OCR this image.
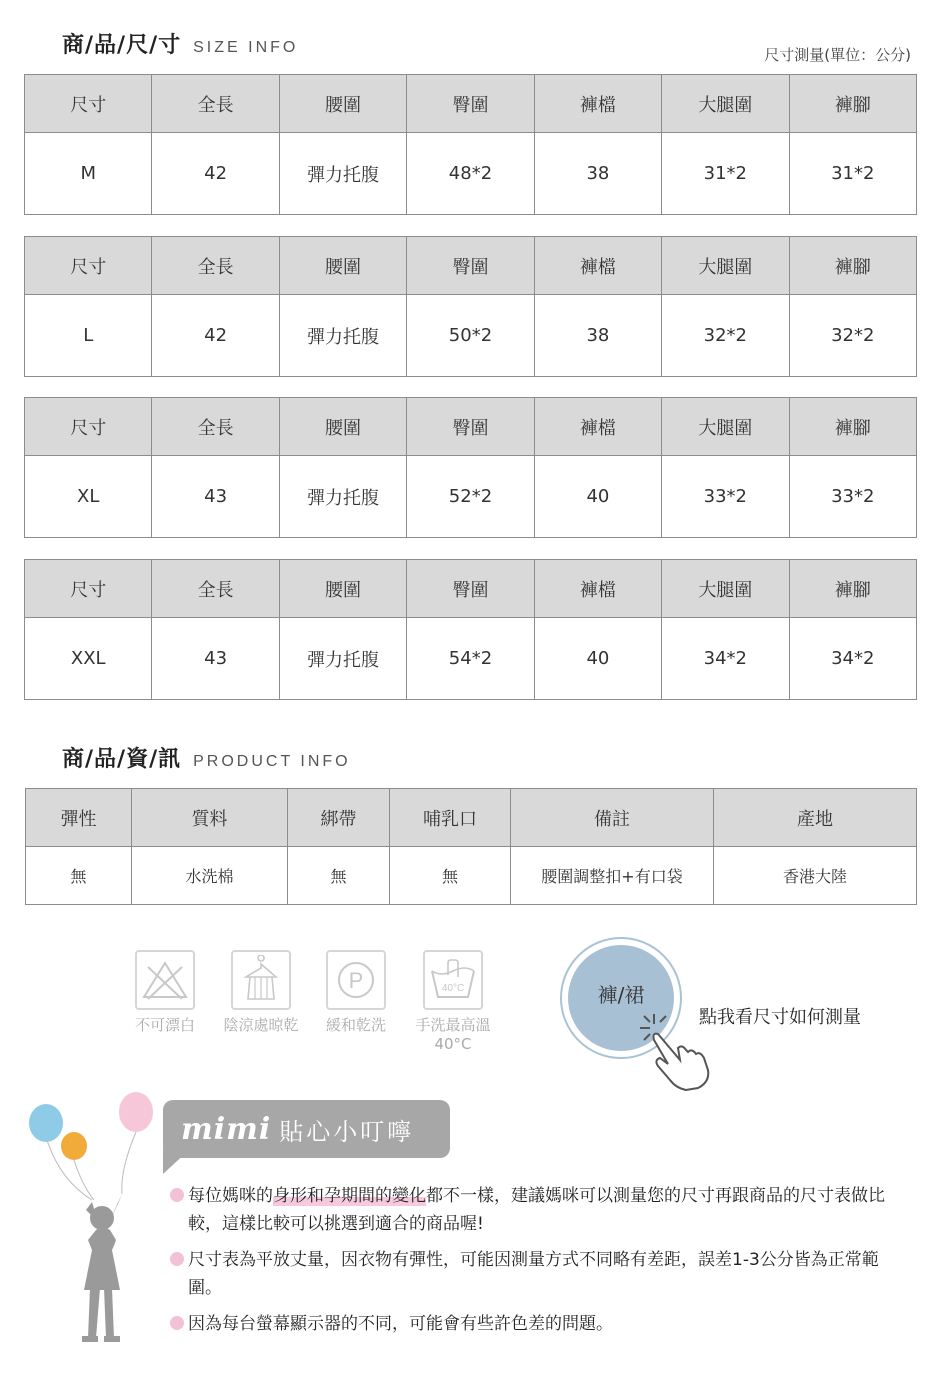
商/品/尺/寸 SIZE INFO	尺寸測量(單位：公分)
尺寸	全長	腰圍	臀圍	褲檔	大腿圍	褲腳
M	42	彈力托腹	48*2	38	31*2	31*2
尺寸	全長	腰圍	臀圍	褲檔	大腿圍	褲腳
L	42	彈力托腹	50*2	38	32*2	32*2
尺寸	全長	腰圍	臀圍	褲檔	大腿圍	褲腳
XL	43	彈力托腹	52*2	40	33*2	33*2
尺寸	全長	腰圍	臀圍	褲檔	大腿圍	褲腳
XXL	43	彈力托腹	54*2	40	34*2	34*2
商/品/資/訊 PRODUCT INFO
彈性	質料	綁帶	哺乳口	備註	產地
無	水洗棉	無	無	腰圍調整扣+有口袋	香港大陸
不可漂白	陰涼處晾乾
P
緩和乾洗
40°C
手洗最高溫
40°C
褲/裙
點我看尺寸如何測量
mimi 貼心小叮嚀
每位媽咪的身形和孕期間的變化都不一樣，建議媽咪可以測量您的尺寸再跟商品的尺寸表做比較，這樣比較可以挑選到適合的商品喔!
尺寸表為平放丈量，因衣物有彈性，可能因測量方式不同略有差距，誤差1-3公分皆為正常範圍。
因為每台螢幕顯示器的不同，可能會有些許色差的問題。
